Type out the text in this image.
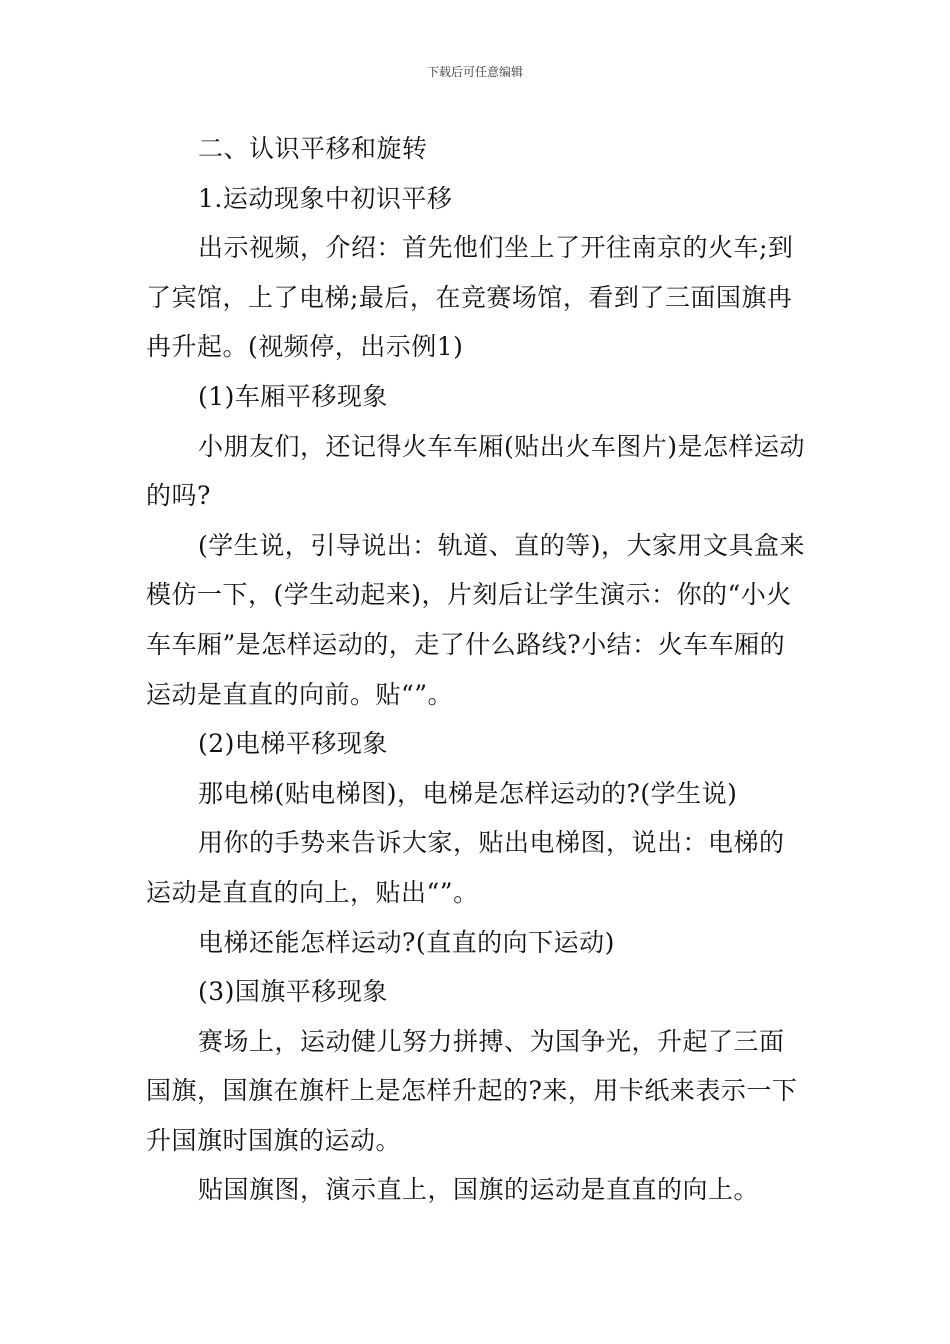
下载后可任意编辑

二、认识平移和旋转

1.运动现象中初识平移

出示视频，介绍：首先他们坐上了开往南京的火车;到了宾馆，上了电梯;最后，在竞赛场馆，看到了三面国旗冉冉升起。(视频停，出示例1)

(1)车厢平移现象

小朋友们，还记得火车车厢(贴出火车图片)是怎样运动的吗?

(学生说，引导说出：轨道、直的等)，大家用文具盒来模仿一下，(学生动起来)，片刻后让学生演示：你的“小火车车厢”是怎样运动的，走了什么路线?小结：火车车厢的运动是直直的向前。贴“”。

(2)电梯平移现象

那电梯(贴电梯图)，电梯是怎样运动的?(学生说)

用你的手势来告诉大家，贴出电梯图，说出：电梯的运动是直直的向上，贴出“”。

电梯还能怎样运动?(直直的向下运动)

(3)国旗平移现象

赛场上，运动健儿努力拼搏、为国争光，升起了三面国旗，国旗在旗杆上是怎样升起的?来，用卡纸来表示一下升国旗时国旗的运动。

贴国旗图，演示直上，国旗的运动是直直的向上。
